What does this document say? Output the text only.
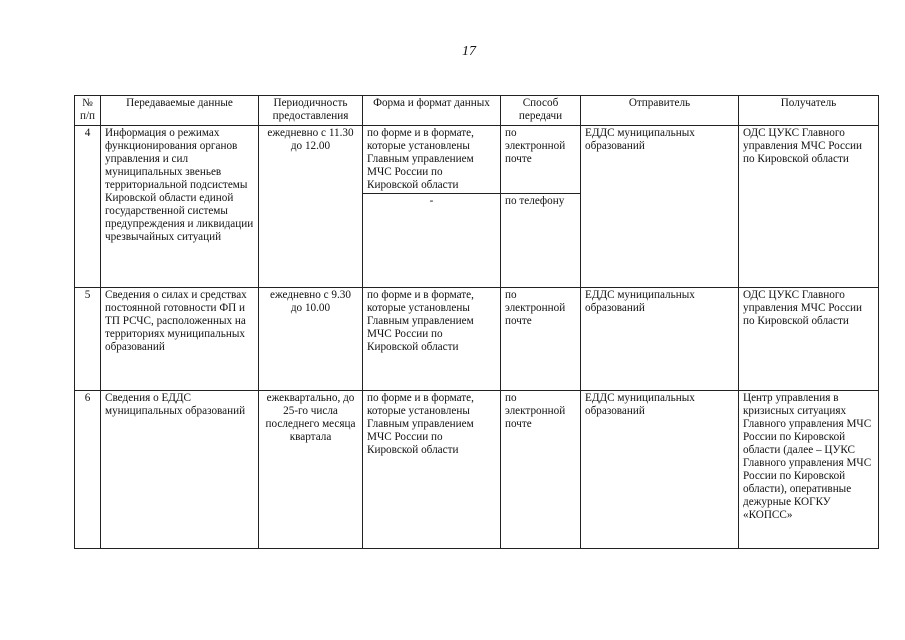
17
№ п/п	Передаваемые данные	Периодичность предоставления	Форма и формат данных	Способ передачи	Отправитель	Получатель
4	Информация о режимах функционирования органов управления и сил муниципальных звеньев территориальной подсистемы Кировской области единой государственной системы предупреждения и ликвидации чрезвычайных ситуаций	ежедневно с 11.30 до 12.00	по форме и в формате, которые установлены Главным управлением МЧС России по Кировской области	по электронной почте	ЕДДС муниципальных образований	ОДС ЦУКС Главного управления МЧС России по Кировской области
			-	по телефону		
5	Сведения о силах и средствах постоянной готовности ФП и ТП РСЧС, расположенных на территориях муниципальных образований	ежедневно с 9.30 до 10.00	по форме и в формате, которые установлены Главным управлением МЧС России по Кировской области	по электронной почте	ЕДДС муниципальных образований	ОДС ЦУКС Главного управления МЧС России по Кировской области
6	Сведения о ЕДДС муниципальных образований	ежеквартально, до 25-го числа последнего месяца квартала	по форме и в формате, которые установлены Главным управлением МЧС России по Кировской области	по электронной почте	ЕДДС муниципальных образований	Центр управления в кризисных ситуациях Главного управления МЧС России по Кировской области (далее – ЦУКС Главного управления МЧС России по Кировской области), оперативные дежурные КОГКУ «КОПСС»
